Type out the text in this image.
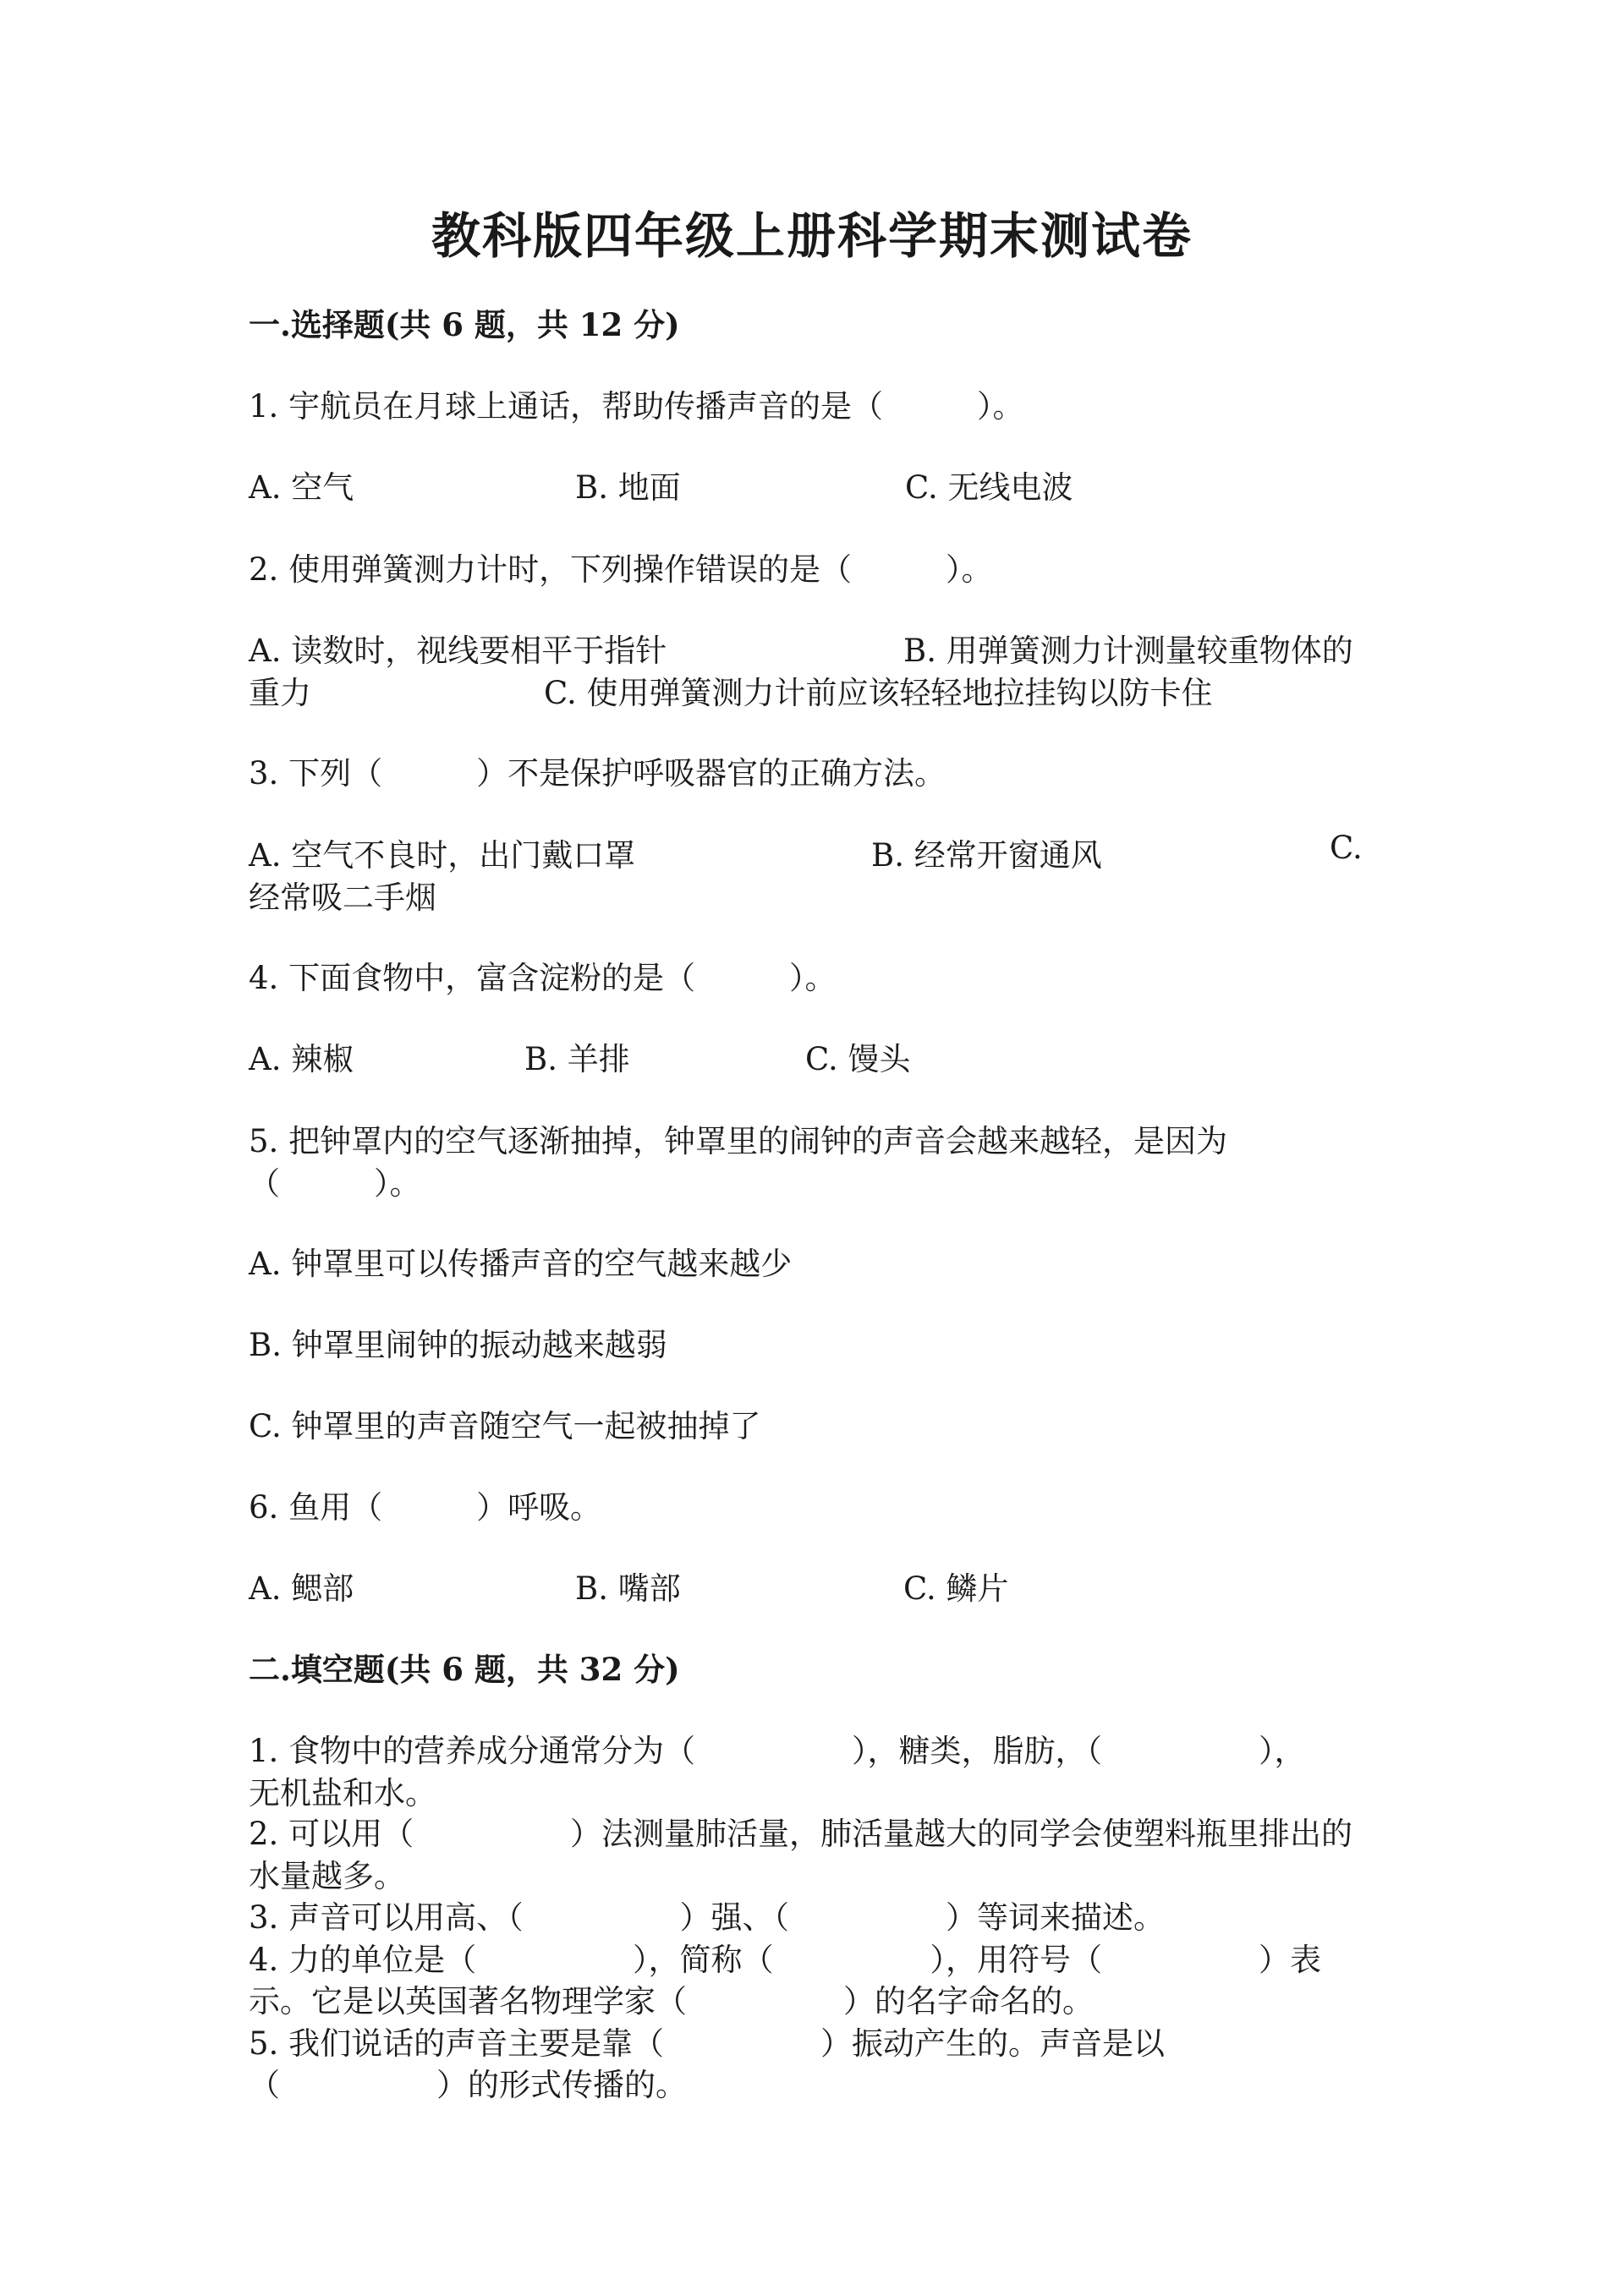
教科版四年级上册科学期末测试卷
一.选择题(共 6 题，共 12 分)
1. 宇航员在月球上通话，帮助传播声音的是（　　　）。
A. 空气	B. 地面	C. 无线电波
2. 使用弹簧测力计时，下列操作错误的是（　　　）。
A. 读数时，视线要相平于指针	B. 用弹簧测力计测量较重物体的
重力	C. 使用弹簧测力计前应该轻轻地拉挂钩以防卡住
3. 下列（　　　）不是保护呼吸器官的正确方法。
A. 空气不良时，出门戴口罩	B. 经常开窗通风	C.
经常吸二手烟
4. 下面食物中，富含淀粉的是（　　　）。
A. 辣椒	B. 羊排	C. 馒头
5. 把钟罩内的空气逐渐抽掉，钟罩里的闹钟的声音会越来越轻，是因为
（　　　）。
A. 钟罩里可以传播声音的空气越来越少
B. 钟罩里闹钟的振动越来越弱
C. 钟罩里的声音随空气一起被抽掉了
6. 鱼用（　　　）呼吸。
A. 鳃部	B. 嘴部	C. 鳞片
二.填空题(共 6 题，共 32 分)
1. 食物中的营养成分通常分为（　　　　　），糖类，脂肪，（　　　　　），
无机盐和水。
2. 可以用（　　　　　）法测量肺活量，肺活量越大的同学会使塑料瓶里排出的
水量越多。
3. 声音可以用高、（　　　　　）强、（　　　　　）等词来描述。
4. 力的单位是（　　　　　），简称（　　　　　），用符号（　　　　　）表
示。它是以英国著名物理学家（　　　　　）的名字命名的。
5. 我们说话的声音主要是靠（　　　　　）振动产生的。声音是以
（　　　　　）的形式传播的。
